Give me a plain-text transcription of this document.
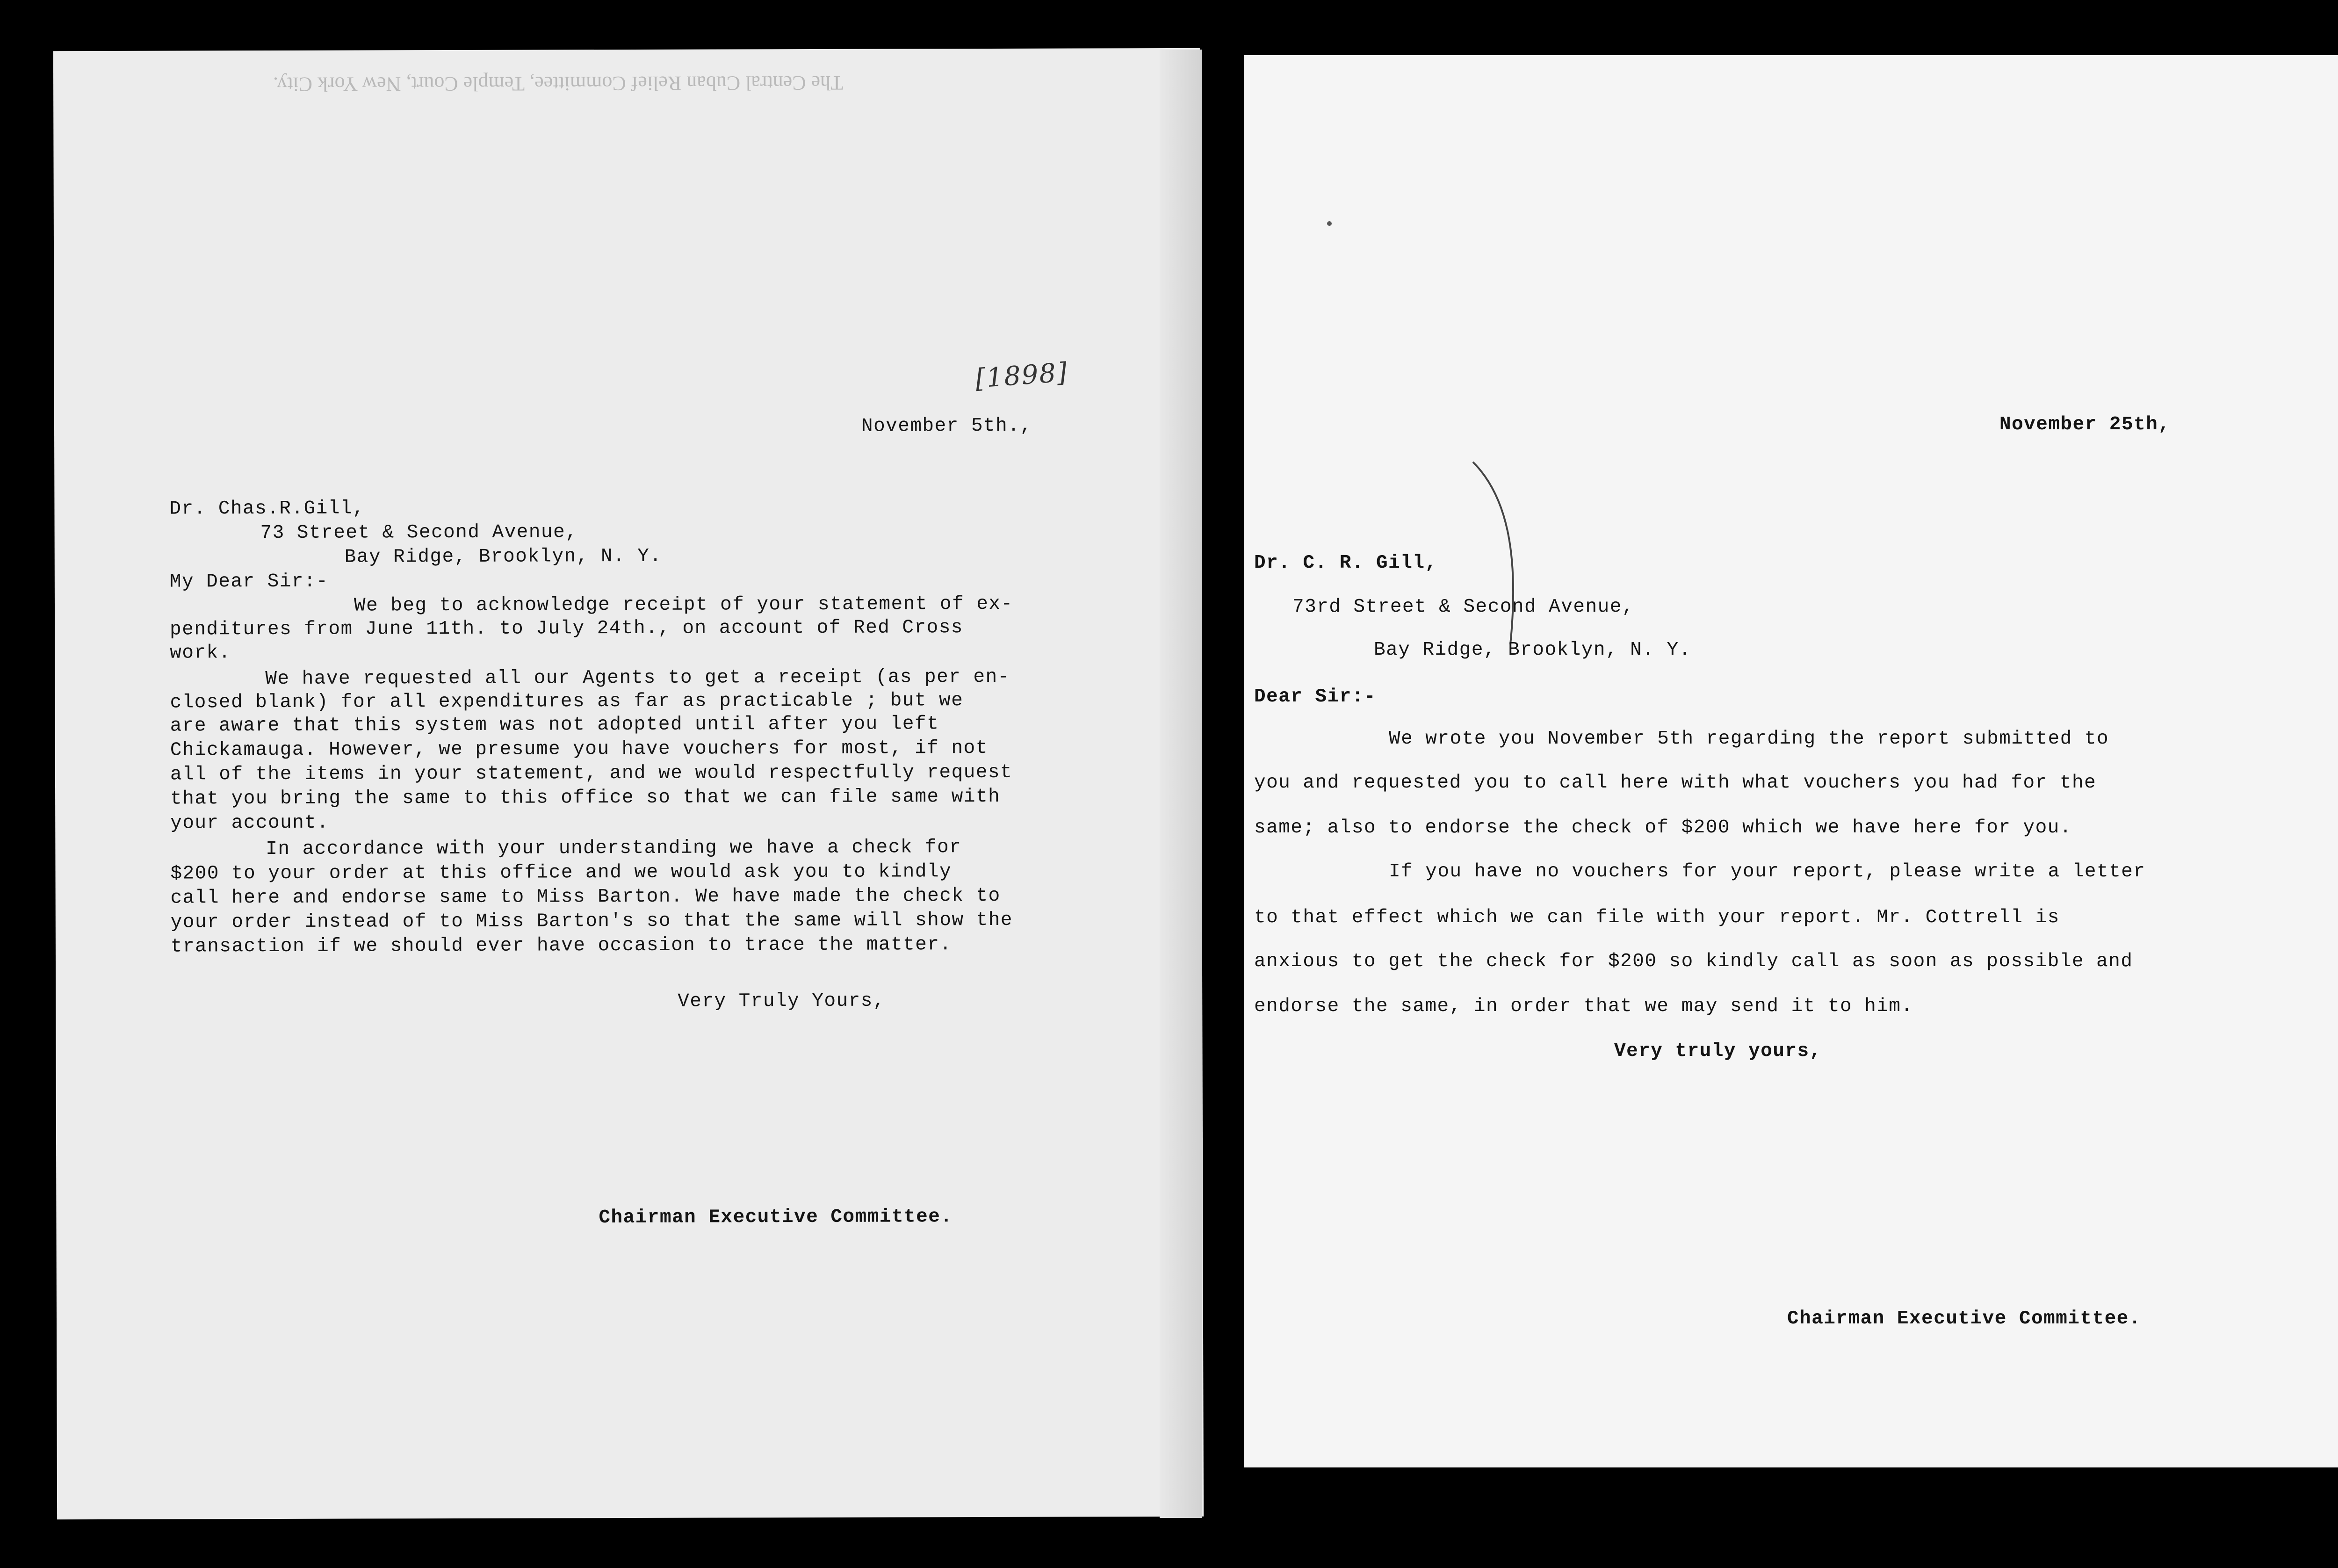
The Central Cuban Relief Committee, Temple Court, New York City.
[1898]
November 5th.,
Dr. Chas.R.Gill,
73 Street & Second Avenue,
Bay Ridge, Brooklyn, N. Y.
My Dear Sir:-
We beg to acknowledge receipt of your statement of ex-
penditures from June 11th. to July 24th., on account of Red Cross
work.
We have requested all our Agents to get a receipt (as per en-
closed blank) for all expenditures as far as practicable ; but we
are aware that this system was not adopted until after you left
Chickamauga. However, we presume you have vouchers for most, if not
all of the items in your statement, and we would respectfully request
that you bring the same to this office so that we can file same with
your account.
In accordance with your understanding we have a check for
$200 to your order at this office and we would ask you to kindly
call here and endorse same to Miss Barton. We have made the check to
your order instead of to Miss Barton's so that the same will show the
transaction if we should ever have occasion to trace the matter.
Very Truly Yours,
Chairman Executive Committee.
November 25th,
Dr. C. R. Gill,
73rd Street & Second Avenue,
Bay Ridge, Brooklyn, N. Y.
Dear Sir:-
We wrote you November 5th regarding the report submitted to
you and requested you to call here with what vouchers you had for the
same; also to endorse the check of $200 which we have here for you.
If you have no vouchers for your report, please write a letter
to that effect which we can file with your report. Mr. Cottrell is
anxious to get the check for $200 so kindly call as soon as possible and
endorse the same, in order that we may send it to him.
Very truly yours,
Chairman Executive Committee.
